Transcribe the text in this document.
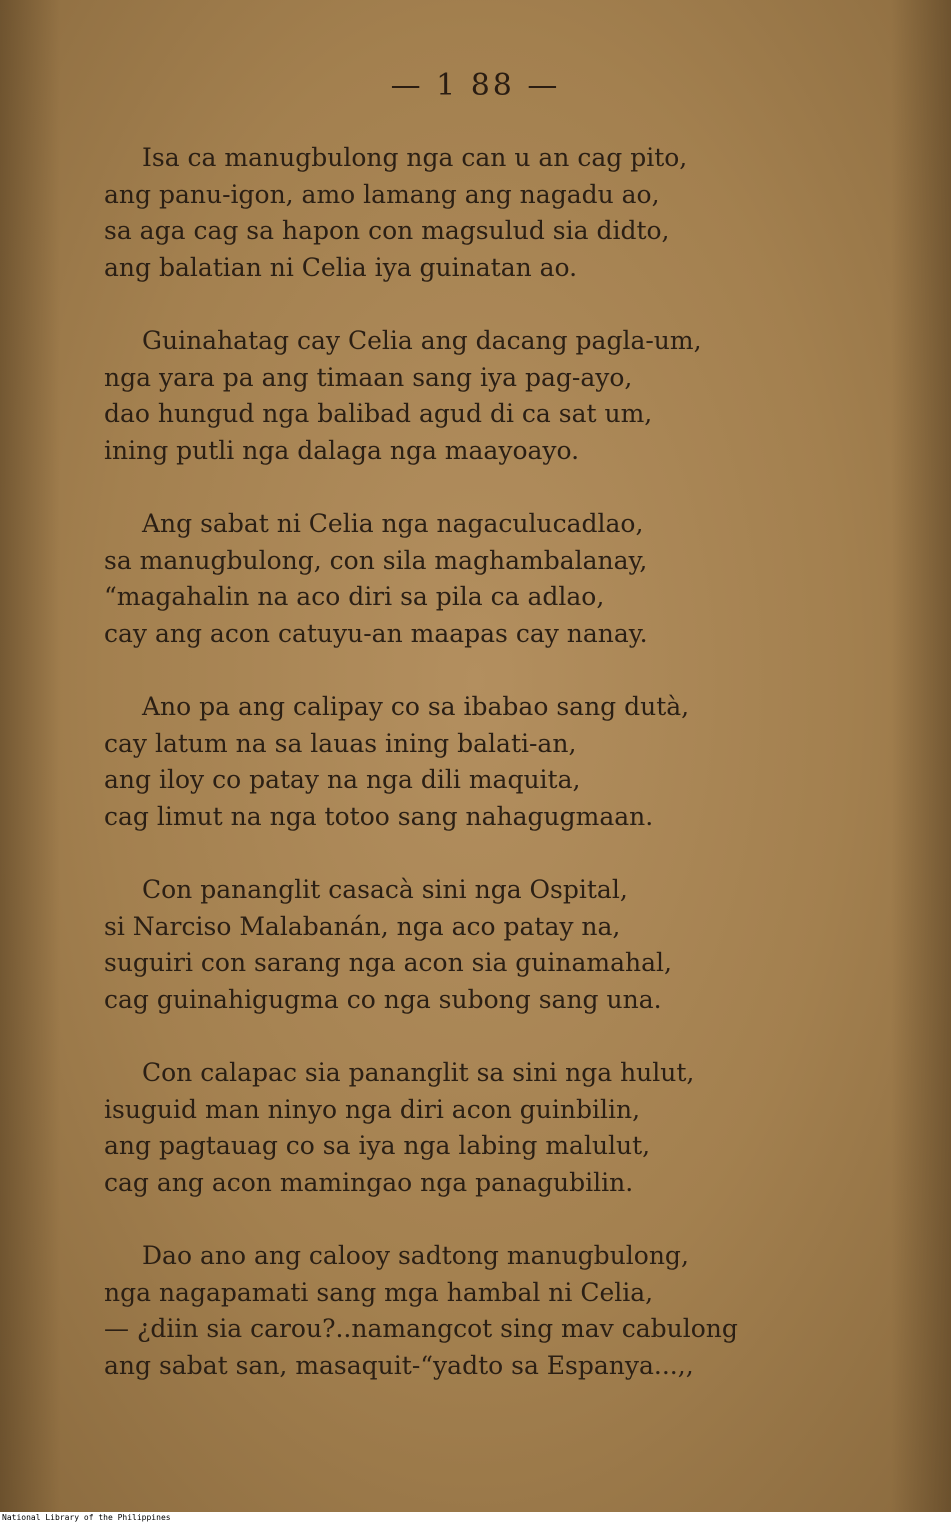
— 1 88 —
Isa ca manugbulong nga can u an cag pito,
ang panu-igon, amo lamang ang nagadu ao,
sa aga cag sa hapon con magsulud sia didto,
ang balatian ni Celia iya guinatan ao.
Guinahatag cay Celia ang dacang pagla-um,
nga yara pa ang timaan sang iya pag-ayo,
dao hungud nga balibad agud di ca sat um,
ining putli nga dalaga nga maayoayo.
Ang sabat ni Celia nga nagaculucadlao,
sa manugbulong, con sila maghambalanay,
“magahalin na aco diri sa pila ca adlao,
cay ang acon catuyu-an maapas cay nanay.
Ano pa ang calipay co sa ibabao sang dutà,
cay latum na sa lauas ining balati-an,
ang iloy co patay na nga dili maquita,
cag limut na nga totoo sang nahagugmaan.
Con pananglit casacà sini nga Ospital,
si Narciso Malabanán, nga aco patay na,
suguiri con sarang nga acon sia guinamahal,
cag guinahigugma co nga subong sang una.
Con calapac sia pananglit sa sini nga hulut,
isuguid man ninyo nga diri acon guinbilin,
ang pagtauag co sa iya nga labing malulut,
cag ang acon mamingao nga panagubilin.
Dao ano ang calooy sadtong manugbulong,
nga nagapamati sang mga hambal ni Celia,
— ¿diin sia carou?..namangcot sing mav cabulong
ang sabat san, masaquit-“yadto sa Espanya...,,
National Library of the Philippines
